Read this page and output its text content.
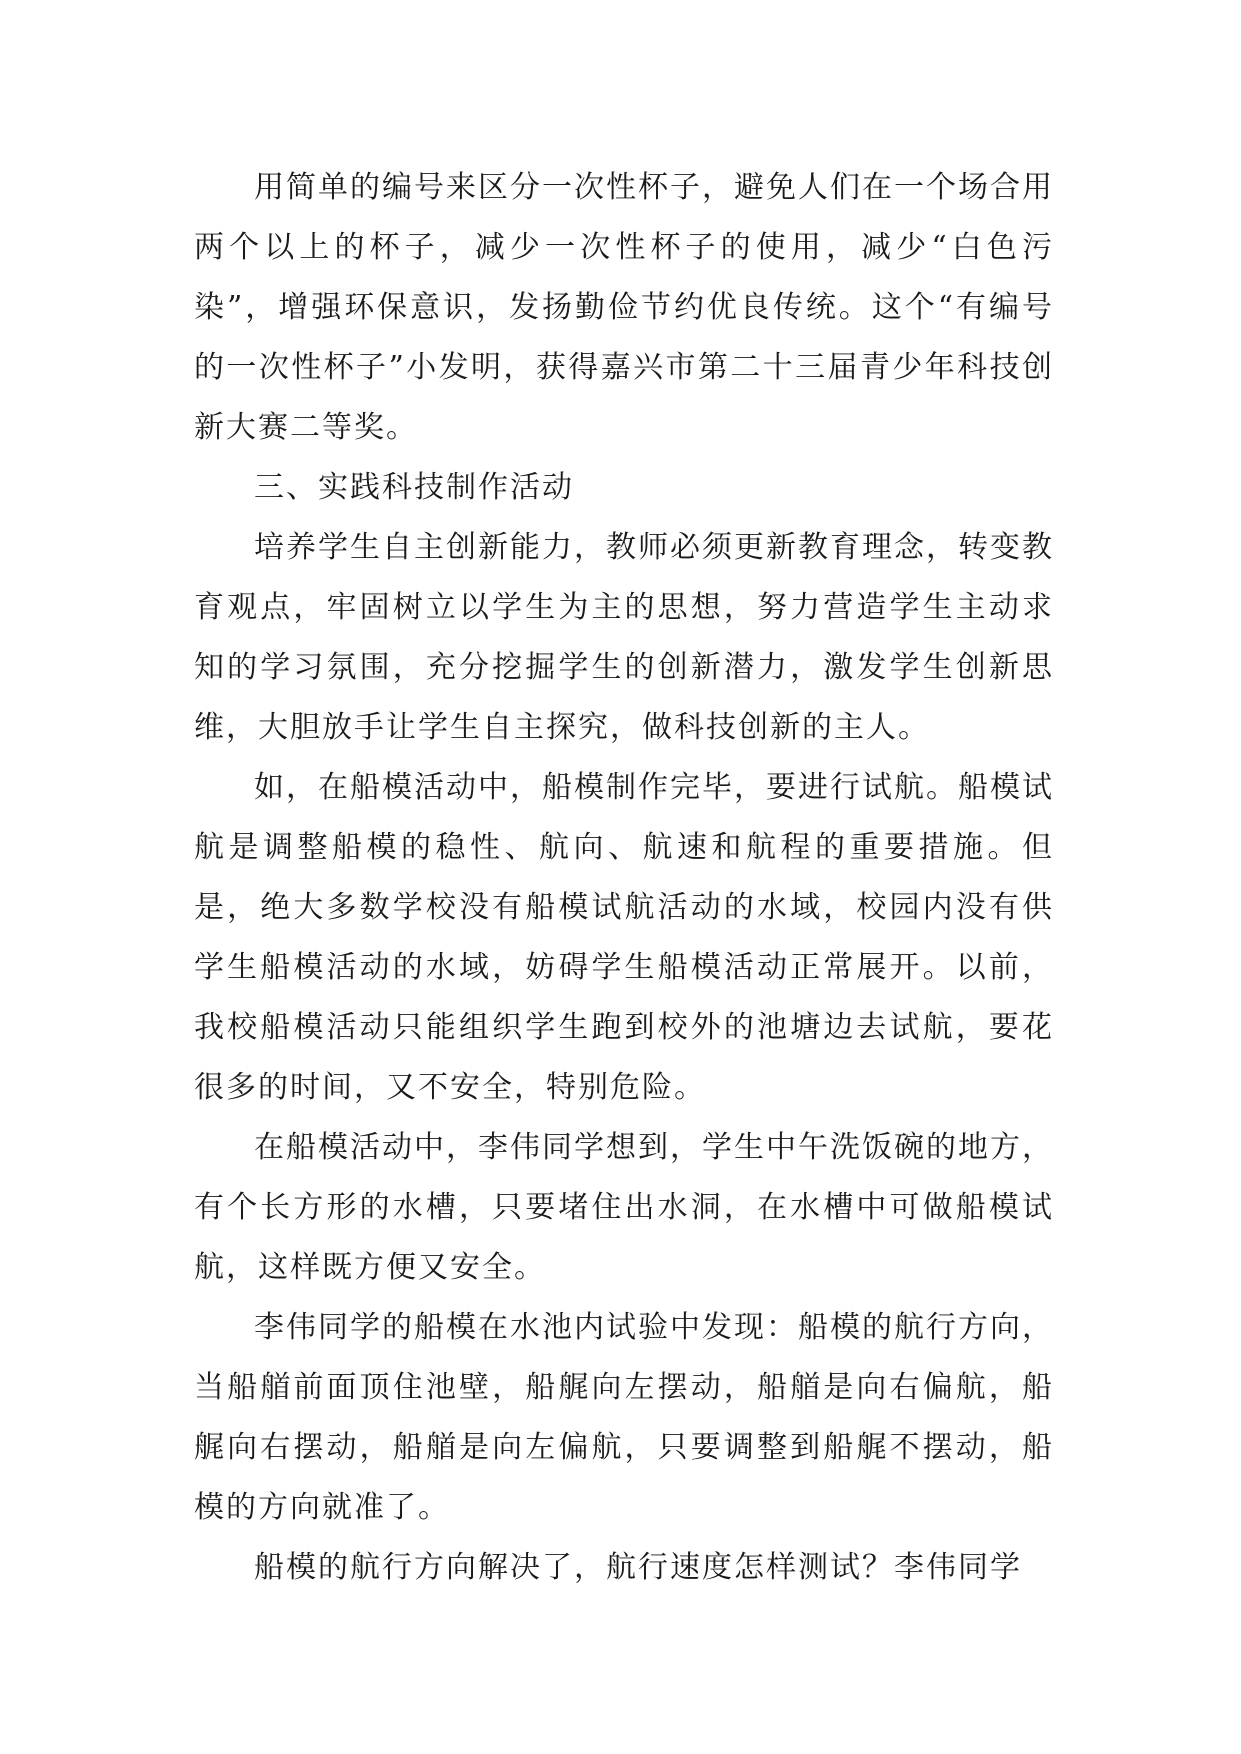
用简单的编号来区分一次性杯子，避免人们在一个场合用两个以上的杯子，减少一次性杯子的使用，减少“白色污染”，增强环保意识，发扬勤俭节约优良传统。这个“有编号的一次性杯子”小发明，获得嘉兴市第二十三届青少年科技创新大赛二等奖。

三、实践科技制作活动

培养学生自主创新能力，教师必须更新教育理念，转变教育观点，牢固树立以学生为主的思想，努力营造学生主动求知的学习氛围，充分挖掘学生的创新潜力，激发学生创新思维，大胆放手让学生自主探究，做科技创新的主人。

如，在船模活动中，船模制作完毕，要进行试航。船模试航是调整船模的稳性、航向、航速和航程的重要措施。但是，绝大多数学校没有船模试航活动的水域，校园内没有供学生船模活动的水域，妨碍学生船模活动正常展开。以前，我校船模活动只能组织学生跑到校外的池塘边去试航，要花很多的时间，又不安全，特别危险。

在船模活动中，李伟同学想到，学生中午洗饭碗的地方，有个长方形的水槽，只要堵住出水洞，在水槽中可做船模试航，这样既方便又安全。

李伟同学的船模在水池内试验中发现：船模的航行方向，当船艏前面顶住池壁，船艉向左摆动，船艏是向右偏航，船艉向右摆动，船艏是向左偏航，只要调整到船艉不摆动，船模的方向就准了。

船模的航行方向解决了，航行速度怎样测试？李伟同学
